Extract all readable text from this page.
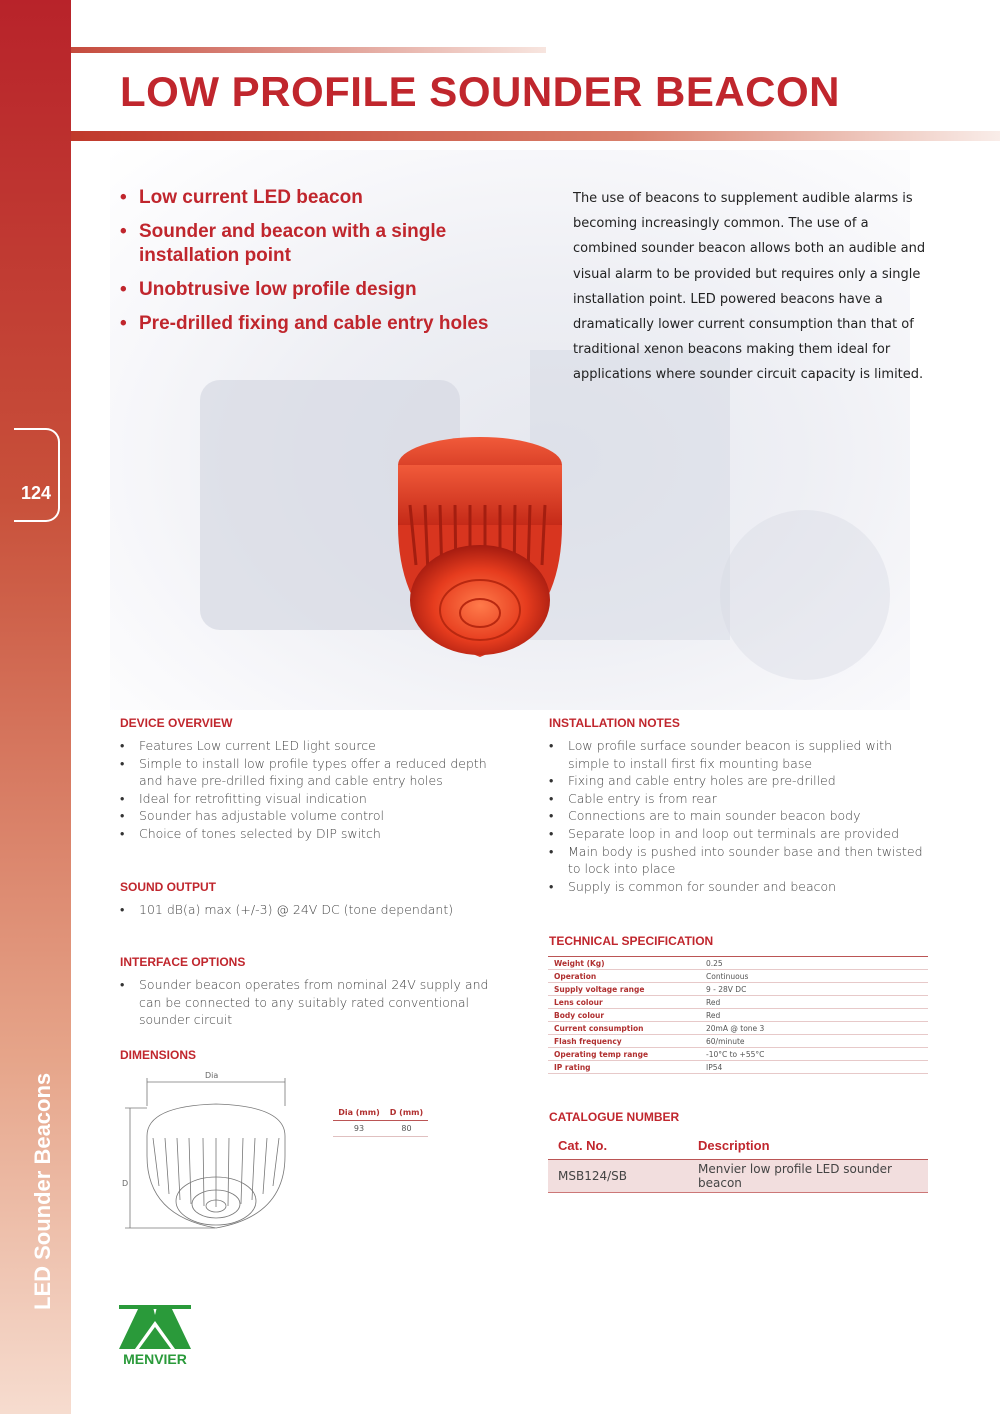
124
LED Sounder Beacons
LOW PROFILE SOUNDER BEACON
• Low current LED beacon
• Sounder and beacon with a single installation point
• Unobtrusive low profile design
• Pre-drilled fixing and cable entry holes

The use of beacons to supplement audible alarms is becoming increasingly common. The use of a combined sounder beacon allows both an audible and visual alarm to be provided but requires only a single installation point. LED powered beacons have a dramatically lower current consumption than that of traditional xenon beacons making them ideal for applications where sounder circuit capacity is limited.

DEVICE OVERVIEW
• Features Low current LED light source
• Simple to install low profile types offer a reduced depth and have pre-drilled fixing and cable entry holes
• Ideal for retrofitting visual indication
• Sounder has adjustable volume control
• Choice of tones selected by DIP switch
SOUND OUTPUT
• 101 dB(a) max (+/-3) @ 24V DC (tone dependant)
INTERFACE OPTIONS
• Sounder beacon operates from nominal 24V supply and can be connected to any suitably rated conventional sounder circuit
DIMENSIONS
Dia
D
Dia (mm)	D (mm)
93	80
INSTALLATION NOTES
• Low profile surface sounder beacon is supplied with simple to install first fix mounting base
• Fixing and cable entry holes are pre-drilled
• Cable entry is from rear
• Connections are to main sounder beacon body
• Separate loop in and loop out terminals are provided
• Main body is pushed into sounder base and then twisted to lock into place
• Supply is common for sounder and beacon
TECHNICAL SPECIFICATION
Weight (Kg)	0.25
Operation	Continuous
Supply voltage range	9 - 28V DC
Lens colour	Red
Body colour	Red
Current consumption	20mA @ tone 3
Flash frequency	60/minute
Operating temp range	-10°C to +55°C
IP rating	IP54
CATALOGUE NUMBER
Cat. No.	Description
MSB124/SB	Menvier low profile LED sounder beacon
MENVIER
